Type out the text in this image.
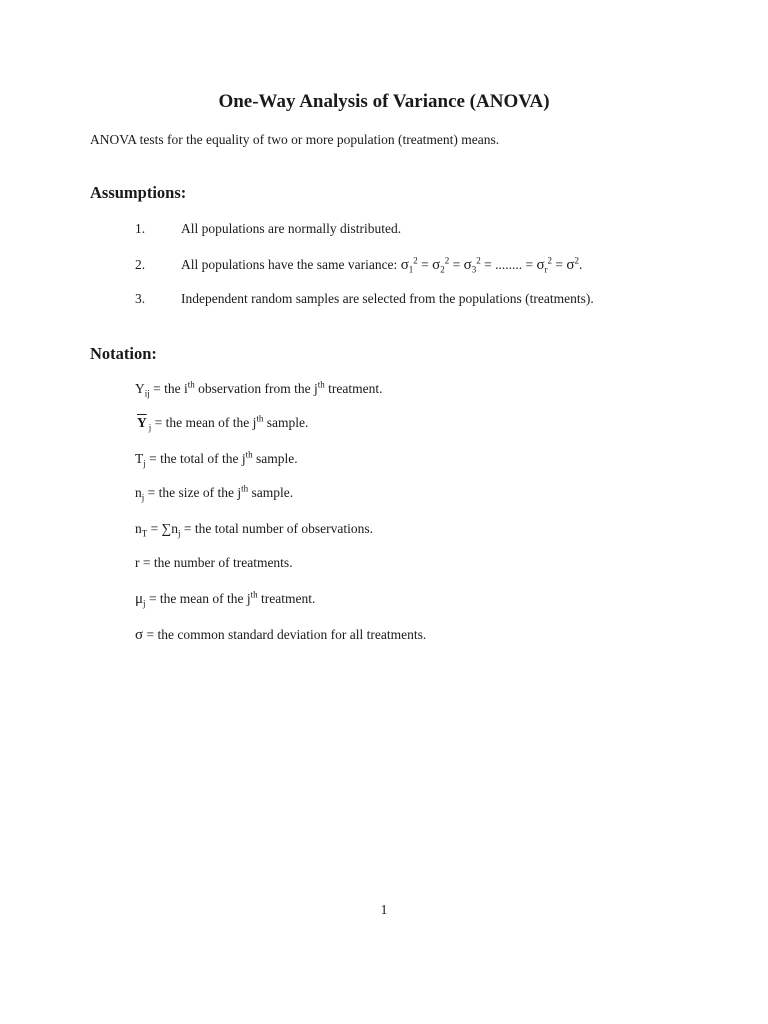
One-Way Analysis of Variance (ANOVA)

ANOVA tests for the equality of two or more population (treatment) means.

Assumptions:
1.	All populations are normally distributed.
2.	All populations have the same variance: $\sigma_1^2 = \sigma_2^2 = \sigma_3^2$ = ........ = $\sigma_r^2 = \sigma^2$.
3.	Independent random samples are selected from the populations (treatments).
Notation:
$Y_{ij}$ = the $i^{th}$ observation from the $j^{th}$ treatment.
$\overline{Y}$ $_j$ = the mean of the $j^{th}$ sample.
$T_j$ = the total of the $j^{th}$ sample.
$n_j$ = the size of the $j^{th}$ sample.
$n_T = \sum n_j$ = the total number of observations.
r = the number of treatments.
$\mu_j$ = the mean of the $j^{th}$ treatment.
σ = the common standard deviation for all treatments.
1
